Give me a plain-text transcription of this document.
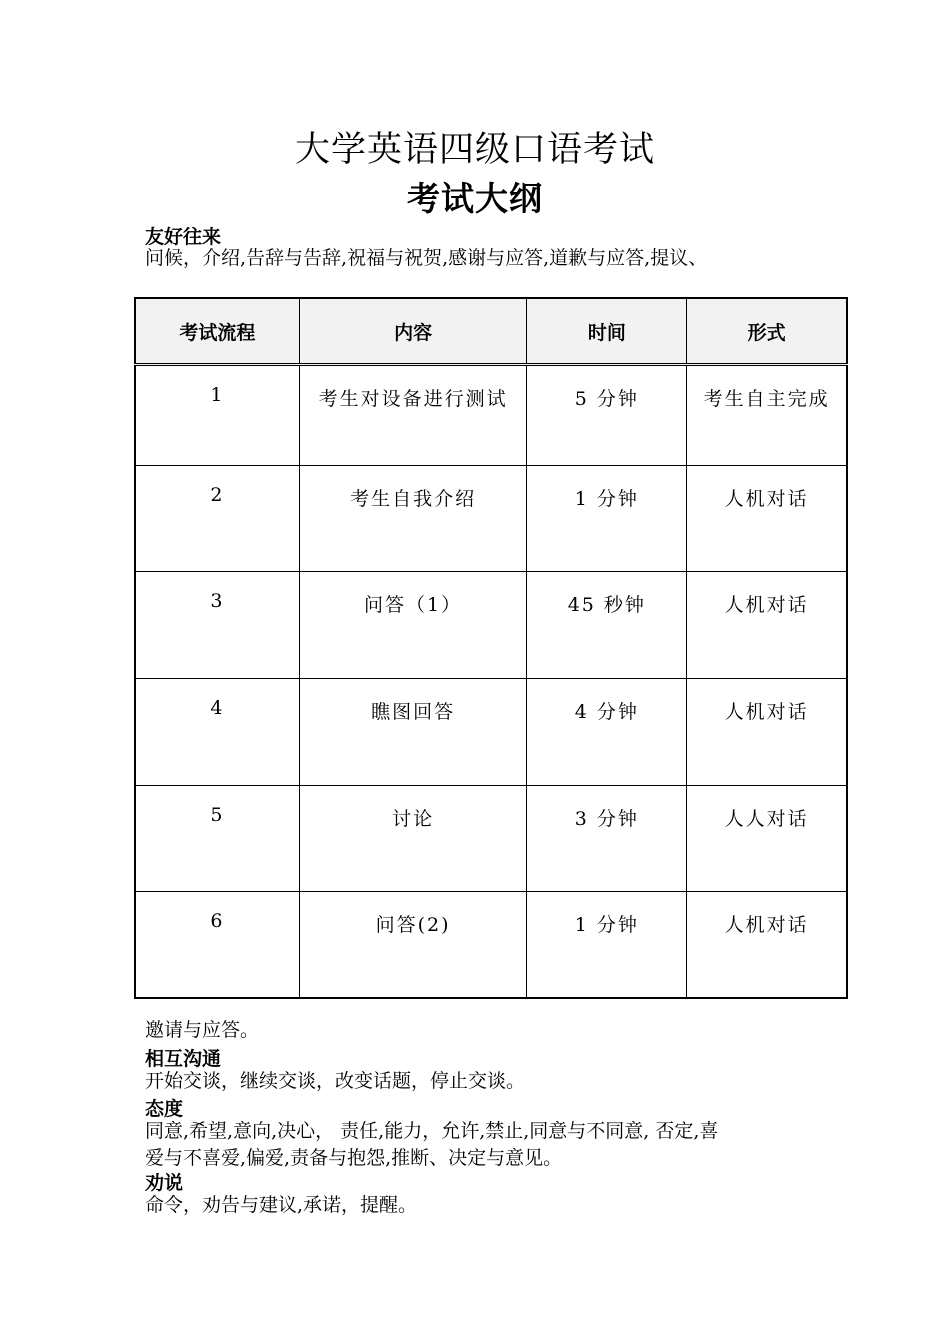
大学英语四级口语考试
考试大纲
友好往来
问候，介绍,告辞与告辞,祝福与祝贺,感谢与应答,道歉与应答,提议、
考试流程	内容	时间	形式
1	考生对设备进行测试	5 分钟	考生自主完成
2	考生自我介绍	1 分钟	人机对话
3	问答（1）	45 秒钟	人机对话
4	瞧图回答	4 分钟	人机对话
5	讨论	3 分钟	人人对话
6	问答(2)	1 分钟	人机对话
邀请与应答。
相互沟通
开始交谈，继续交谈，改变话题，停止交谈。
态度
同意,希望,意向,决心， 责任,能力，允许,禁止,同意与不同意, 否定,喜
爱与不喜爱,偏爱,责备与抱怨,推断、决定与意见。
劝说
命令，劝告与建议,承诺，提醒。
